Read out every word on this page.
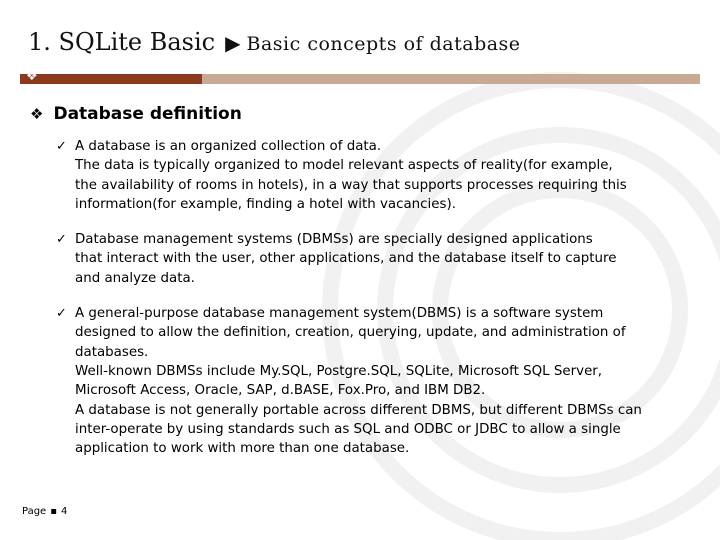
1. SQLite Basic ▶ Basic concepts of database
❖
❖ Database definition
✓ A database is an organized collection of data.
The data is typically organized to model relevant aspects of reality(for example,
the availability of rooms in hotels), in a way that supports processes requiring this
information(for example, finding a hotel with vacancies).
✓ Database management systems (DBMSs) are specially designed applications
that interact with the user, other applications, and the database itself to capture
and analyze data.
✓ A general-purpose database management system(DBMS) is a software system
designed to allow the definition, creation, querying, update, and administration of
databases.
Well-known DBMSs include My.SQL, Postgre.SQL, SQLite, Microsoft SQL Server,
Microsoft Access, Oracle, SAP, d.BASE, Fox.Pro, and IBM DB2.
A database is not generally portable across different DBMS, but different DBMSs can
inter-operate by using standards such as SQL and ODBC or JDBC to allow a single
application to work with more than one database.
Page ▪ 4
